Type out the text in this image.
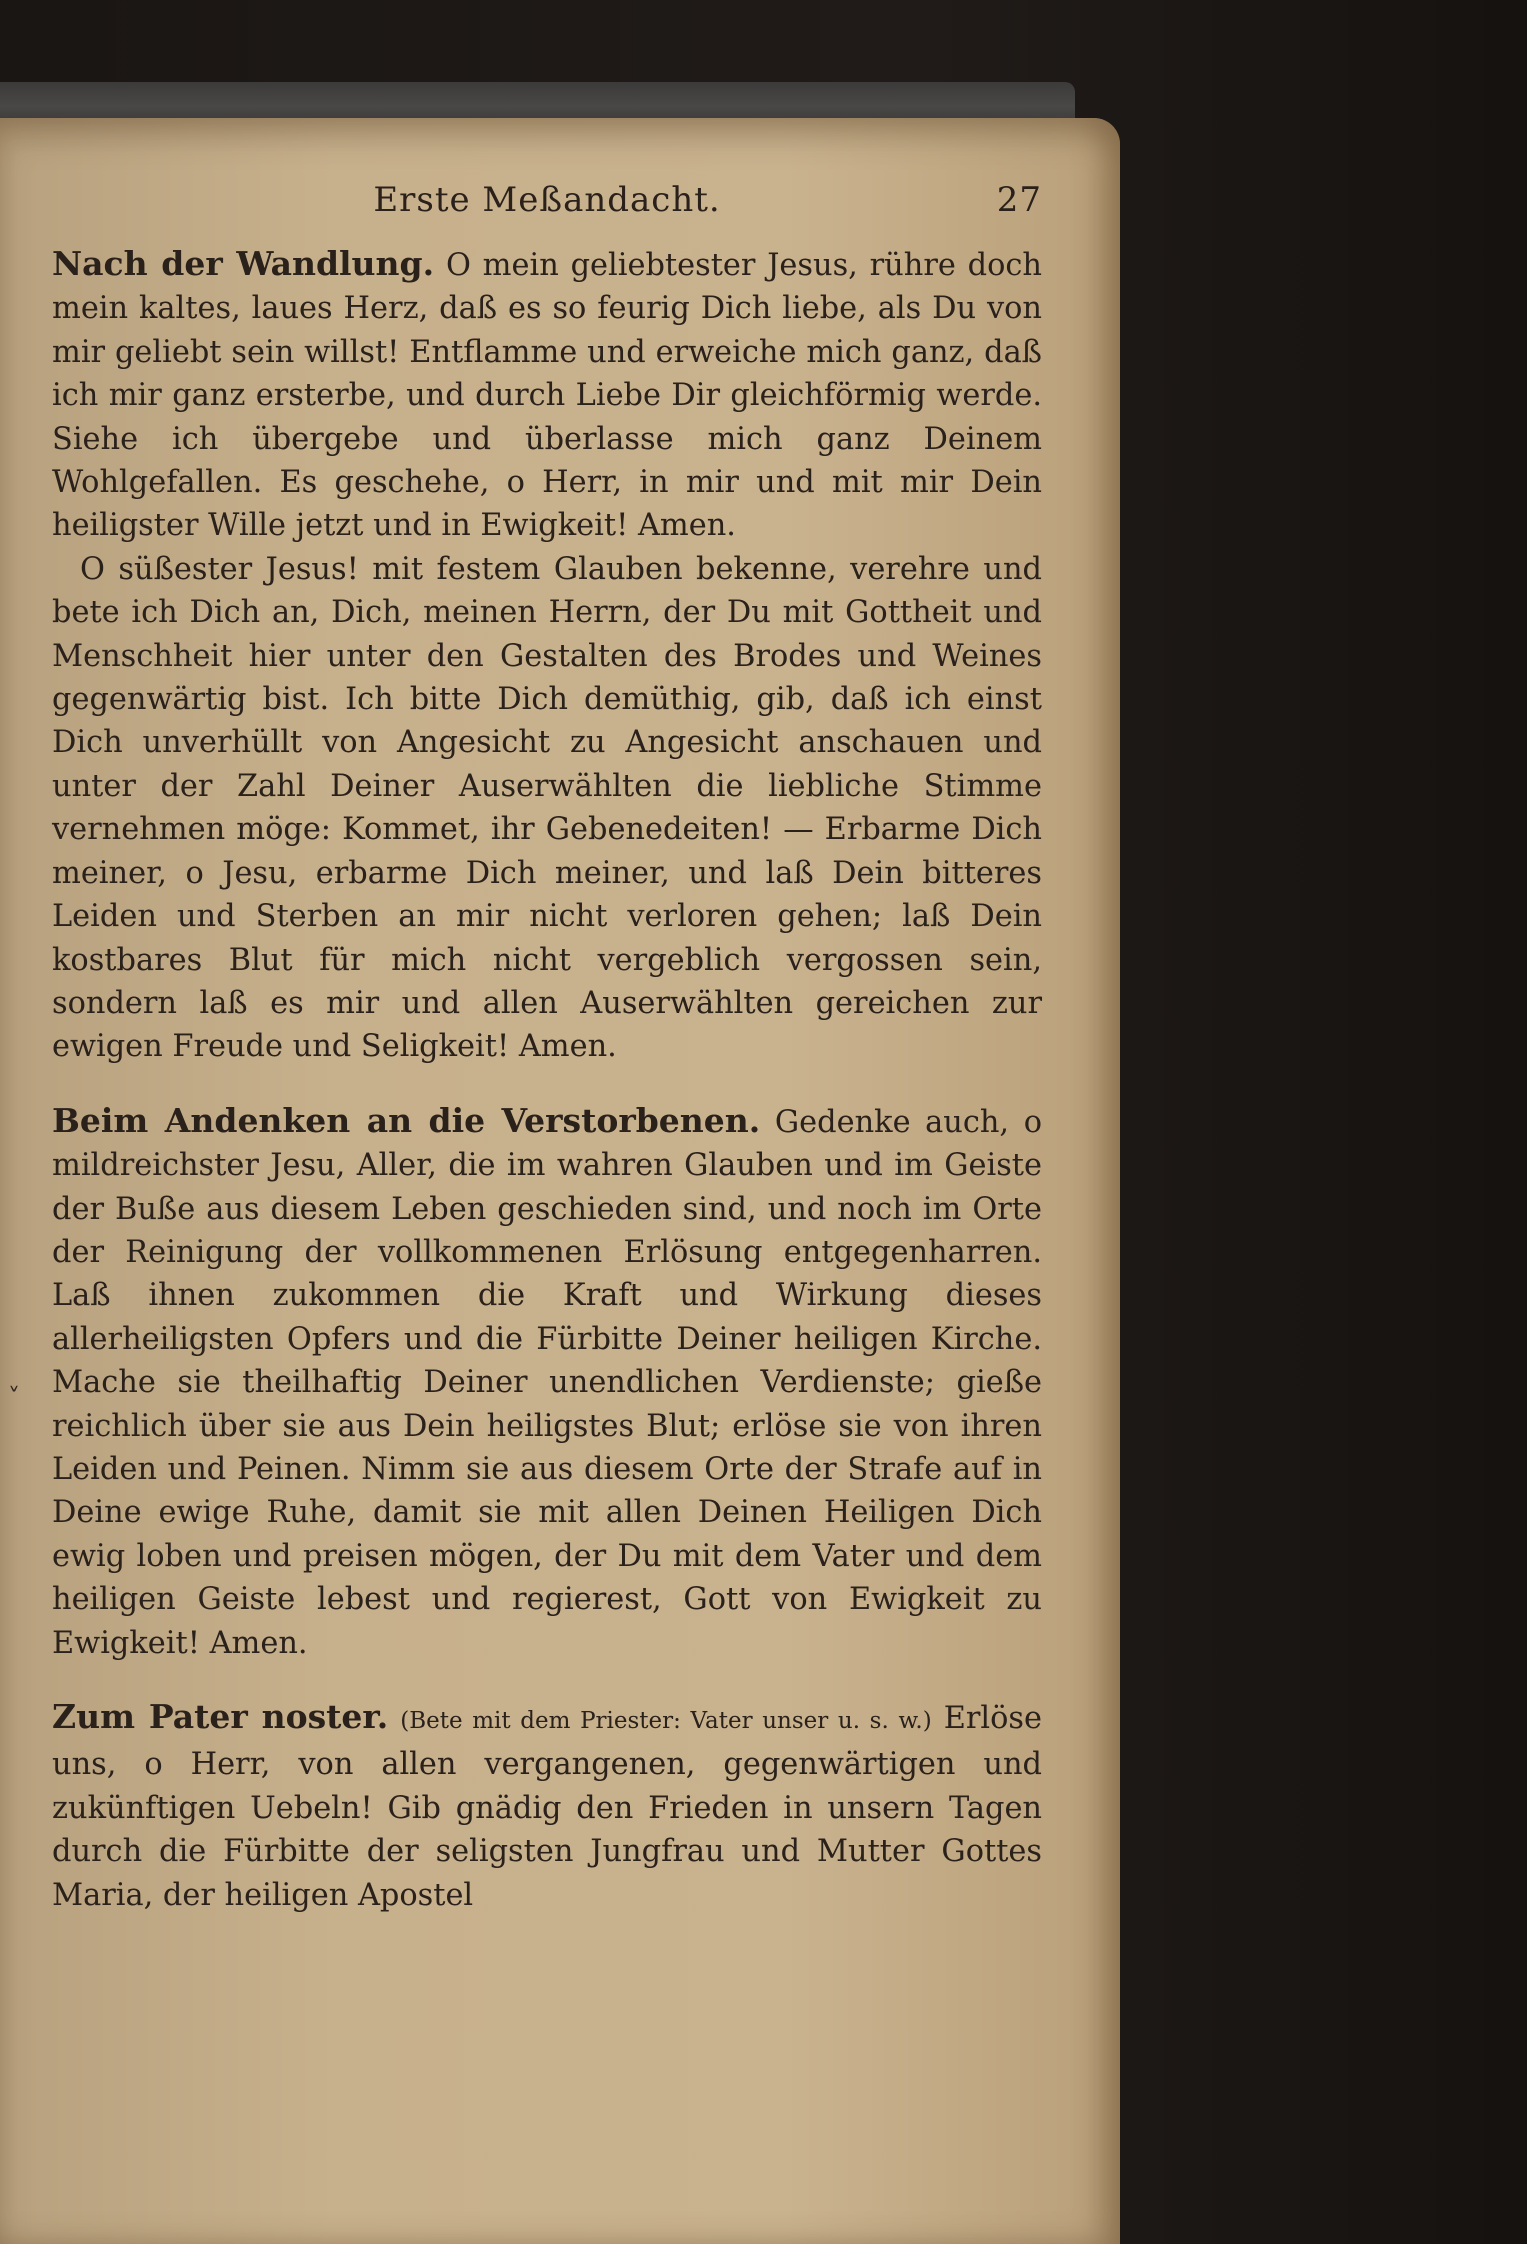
˅
Erste Meßandacht.	27

Nach der Wandlung. O mein geliebtester Jesus, rühre doch mein kaltes, laues Herz, daß es so feurig Dich liebe, als Du von mir geliebt sein willst! Entflamme und erweiche mich ganz, daß ich mir ganz ersterbe, und durch Liebe Dir gleichförmig werde. Siehe ich übergebe und überlasse mich ganz Deinem Wohlgefallen. Es geschehe, o Herr, in mir und mit mir Dein heiligster Wille jetzt und in Ewigkeit! Amen.

O süßester Jesus! mit festem Glauben bekenne, verehre und bete ich Dich an, Dich, meinen Herrn, der Du mit Gottheit und Menschheit hier unter den Gestalten des Brodes und Weines gegenwärtig bist. Ich bitte Dich demüthig, gib, daß ich einst Dich unverhüllt von Angesicht zu Angesicht anschauen und unter der Zahl Deiner Auserwählten die liebliche Stimme vernehmen möge: Kommet, ihr Gebenedeiten! — Erbarme Dich meiner, o Jesu, erbarme Dich meiner, und laß Dein bitteres Leiden und Sterben an mir nicht verloren gehen; laß Dein kostbares Blut für mich nicht vergeblich vergossen sein, sondern laß es mir und allen Auserwählten gereichen zur ewigen Freude und Seligkeit! Amen.

Beim Andenken an die Verstorbenen. Gedenke auch, o mildreichster Jesu, Aller, die im wahren Glauben und im Geiste der Buße aus diesem Leben geschieden sind, und noch im Orte der Reinigung der vollkommenen Erlösung entgegenharren. Laß ihnen zukommen die Kraft und Wirkung dieses allerheiligsten Opfers und die Fürbitte Deiner heiligen Kirche. Mache sie theilhaftig Deiner unendlichen Verdienste; gieße reichlich über sie aus Dein heiligstes Blut; erlöse sie von ihren Leiden und Peinen. Nimm sie aus diesem Orte der Strafe auf in Deine ewige Ruhe, damit sie mit allen Deinen Heiligen Dich ewig loben und preisen mögen, der Du mit dem Vater und dem heiligen Geiste lebest und regierest, Gott von Ewigkeit zu Ewigkeit! Amen.

Zum Pater noster. (Bete mit dem Priester: Vater unser u. s. w.) Erlöse uns, o Herr, von allen vergangenen, gegenwärtigen und zukünftigen Uebeln! Gib gnädig den Frieden in unsern Tagen durch die Fürbitte der seligsten Jungfrau und Mutter Gottes Maria, der heiligen Apostel
